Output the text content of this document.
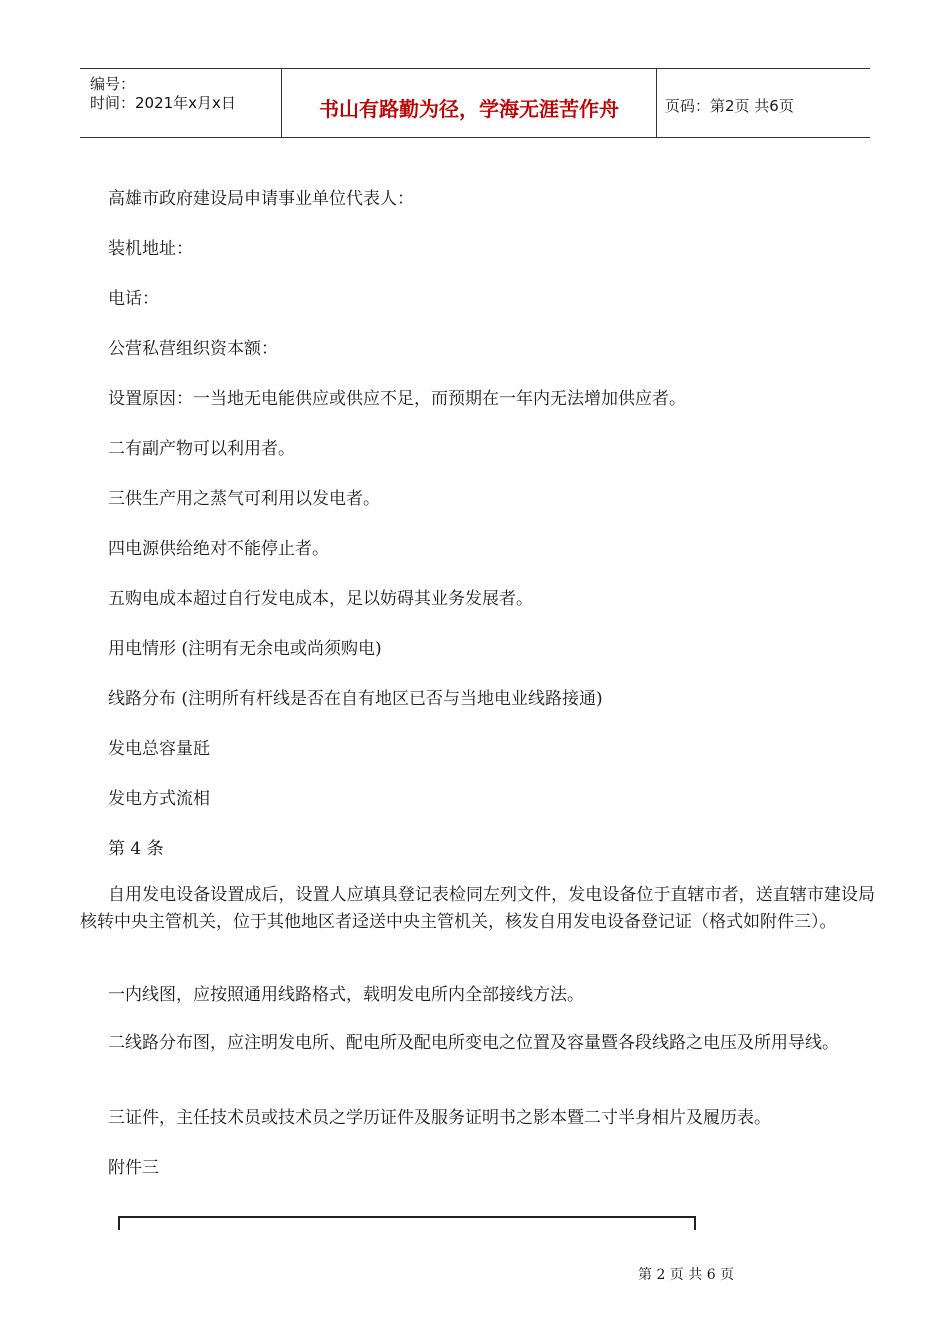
编号：
时间：2021年x月x日	书山有路勤为径，学海无涯苦作舟	页码：第2页 共6页
高雄市政府建设局申请事业单位代表人：
装机地址：
电话：
公营私营组织资本额：
设置原因：一当地无电能供应或供应不足，而预期在一年内无法增加供应者。
二有副产物可以利用者。
三供生产用之蒸气可利用以发电者。
四电源供给绝对不能停止者。
五购电成本超过自行发电成本，足以妨碍其业务发展者。
用电情形 (注明有无余电或尚须购电)
线路分布 (注明所有杆线是否在自有地区已否与当地电业线路接通)
发电总容量瓩
发电方式流相
第 4 条
自用发电设备设置成后，设置人应填具登记表检同左列文件，发电设备位于直辖市者，送直辖市建设局核转中央主管机关，位于其他地区者迳送中央主管机关，核发自用发电设备登记证（格式如附件三）。
一内线图，应按照通用线路格式，载明发电所内全部接线方法。
二线路分布图，应注明发电所、配电所及配电所变电之位置及容量暨各段线路之电压及所用导线。
三证件，主任技术员或技术员之学历证件及服务证明书之影本暨二寸半身相片及履历表。
附件三
第 2 页 共 6 页
